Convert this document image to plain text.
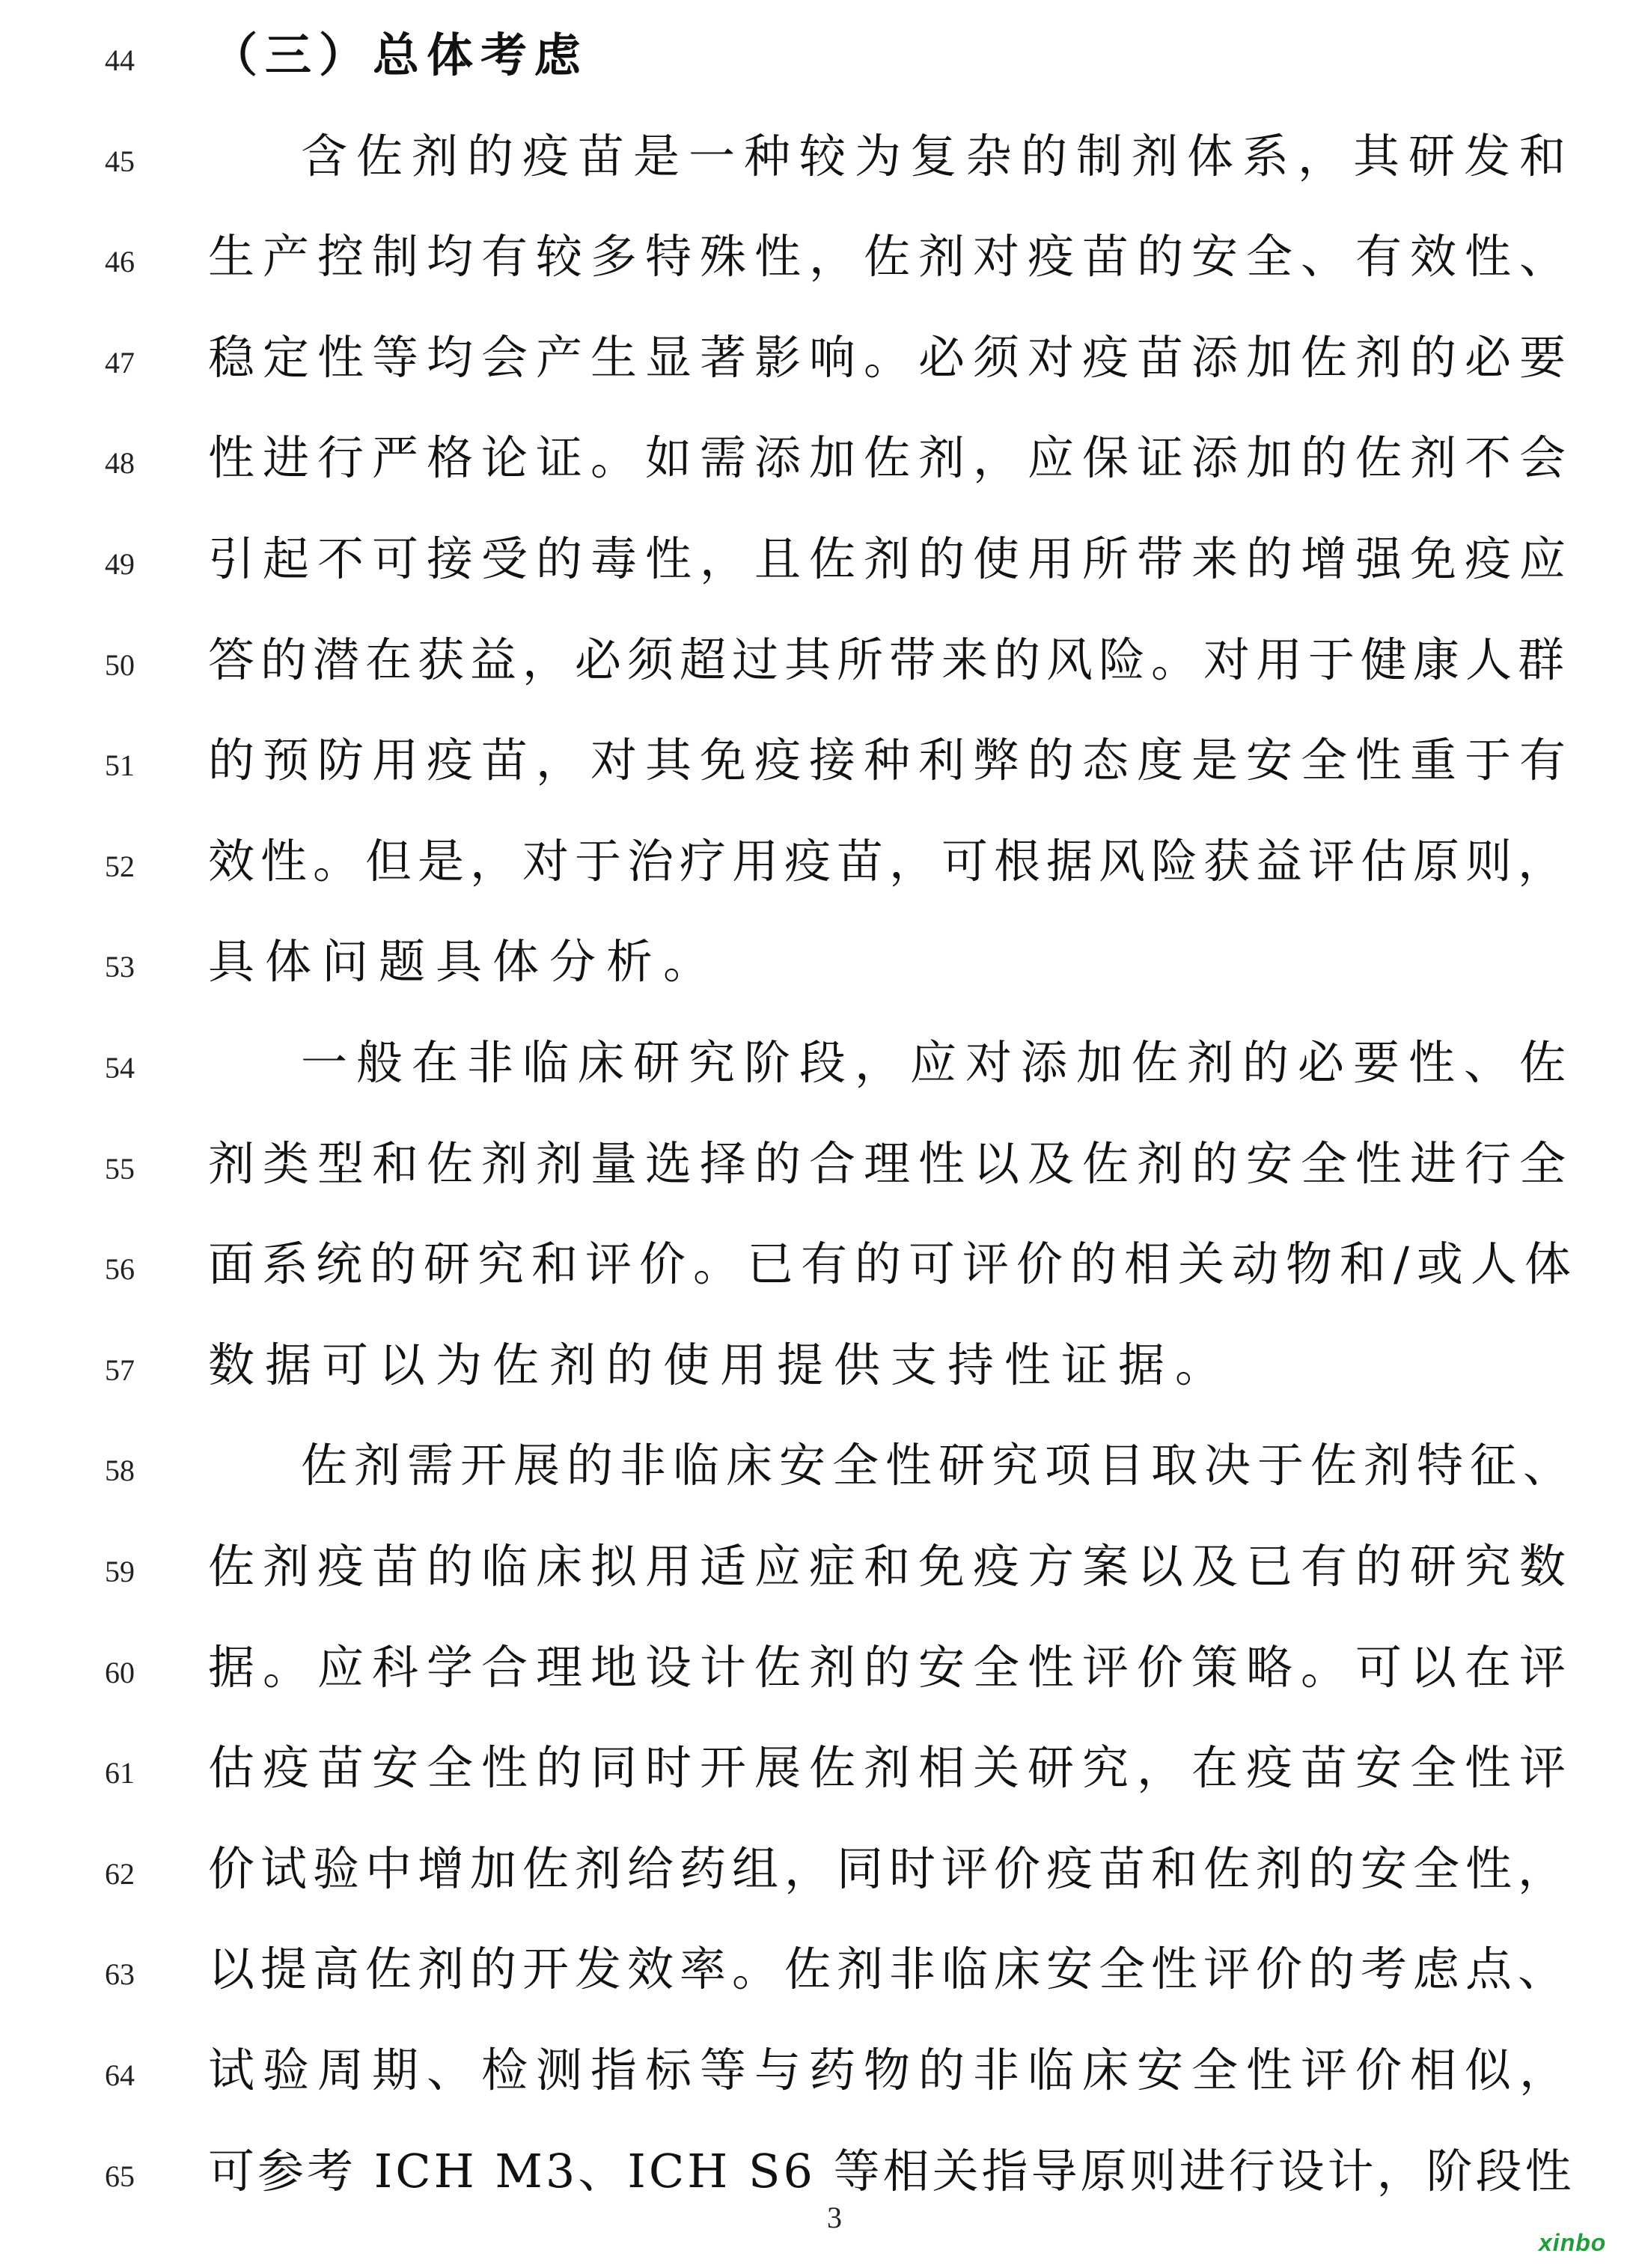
44	（三）总体考虑
45	含佐剂的疫苗是一种较为复杂的制剂体系，其研发和
46	生产控制均有较多特殊性，佐剂对疫苗的安全、有效性、
47	稳定性等均会产生显著影响。必须对疫苗添加佐剂的必要
48	性进行严格论证。如需添加佐剂，应保证添加的佐剂不会
49	引起不可接受的毒性，且佐剂的使用所带来的增强免疫应
50	答的潜在获益，必须超过其所带来的风险。对用于健康人群
51	的预防用疫苗，对其免疫接种利弊的态度是安全性重于有
52	效性。但是，对于治疗用疫苗，可根据风险获益评估原则，
53	具体问题具体分析。
54	一般在非临床研究阶段，应对添加佐剂的必要性、佐
55	剂类型和佐剂剂量选择的合理性以及佐剂的安全性进行全
56	面系统的研究和评价。已有的可评价的相关动物和/或人体
57	数据可以为佐剂的使用提供支持性证据。
58	佐剂需开展的非临床安全性研究项目取决于佐剂特征、
59	佐剂疫苗的临床拟用适应症和免疫方案以及已有的研究数
60	据。应科学合理地设计佐剂的安全性评价策略。可以在评
61	估疫苗安全性的同时开展佐剂相关研究，在疫苗安全性评
62	价试验中增加佐剂给药组，同时评价疫苗和佐剂的安全性，
63	以提高佐剂的开发效率。佐剂非临床安全性评价的考虑点、
64	试验周期、检测指标等与药物的非临床安全性评价相似，
65	可参考 ICH M3、ICH S6 等相关指导原则进行设计，阶段性
3
xinbo
